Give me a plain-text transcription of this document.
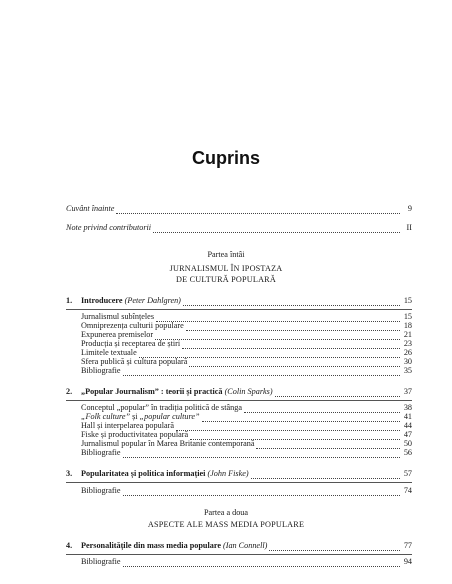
Cuprins
Cuvânt înainte	9
Note privind contributorii	II
Partea întâi
JURNALISMUL ÎN IPOSTAZA
DE CULTURĂ POPULARĂ
1. Introducere (Peter Dahlgren)	15
Jurnalismul subînțeles	15
Omniprezența culturii populare	18
Expunerea premiselor	21
Producția și receptarea de știri	23
Limitele textuale	26
Sfera publică și cultura populară	30
Bibliografie	35
2. „Popular Journalism” : teorii și practică (Colin Sparks)	37
Conceptul „popular” în tradiția politică de stânga	38
„Folk culture” și „popular culture”	41
Hall și interpelarea populară	44
Fiske și productivitatea populară	47
Jurnalismul popular în Marea Britanie contemporană	50
Bibliografie	56
3. Popularitatea și politica informației (John Fiske)	57
Bibliografie	74
Partea a doua
ASPECTE ALE MASS MEDIA POPULARE
4. Personalitățile din mass media populare (Ian Connell)	77
Bibliografie	94
